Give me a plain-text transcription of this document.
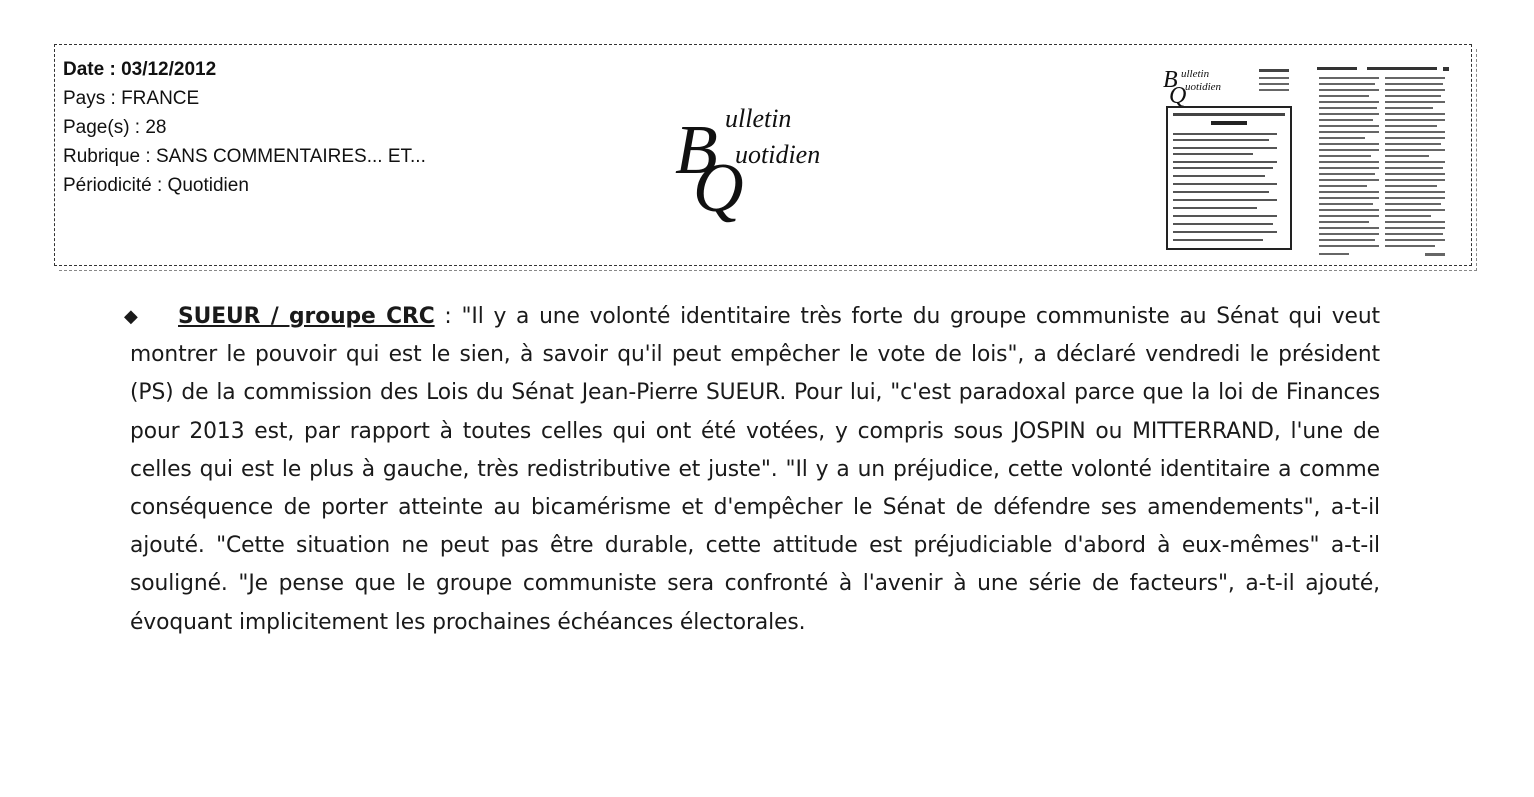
Date : 03/12/2012
Pays : FRANCE
Page(s) : 28
Rubrique : SANS COMMENTAIRES... ET...
Périodicité : Quotidien	B
Q
ulletin
uotidien
B
Q
ulletin
uotidien
◆ SUEUR / groupe CRC : "Il y a une volonté identitaire très forte du groupe communiste au Sénat qui veut montrer le pouvoir qui est le sien, à savoir qu'il peut empêcher le vote de lois", a déclaré vendredi le président (PS) de la commission des Lois du Sénat Jean-Pierre SUEUR. Pour lui, "c'est paradoxal parce que la loi de Finances pour 2013 est, par rapport à toutes celles qui ont été votées, y compris sous JOSPIN ou MITTERRAND, l'une de celles qui est le plus à gauche, très redistributive et juste". "Il y a un préjudice, cette volonté identitaire a comme conséquence de porter atteinte au bicamérisme et d'empêcher le Sénat de défendre ses amendements", a-t-il ajouté. "Cette situation ne peut pas être durable, cette attitude est préjudiciable d'abord à eux-mêmes" a-t-il souligné. "Je pense que le groupe communiste sera confronté à l'avenir à une série de facteurs", a-t-il ajouté, évoquant implicitement les prochaines échéances électorales.
